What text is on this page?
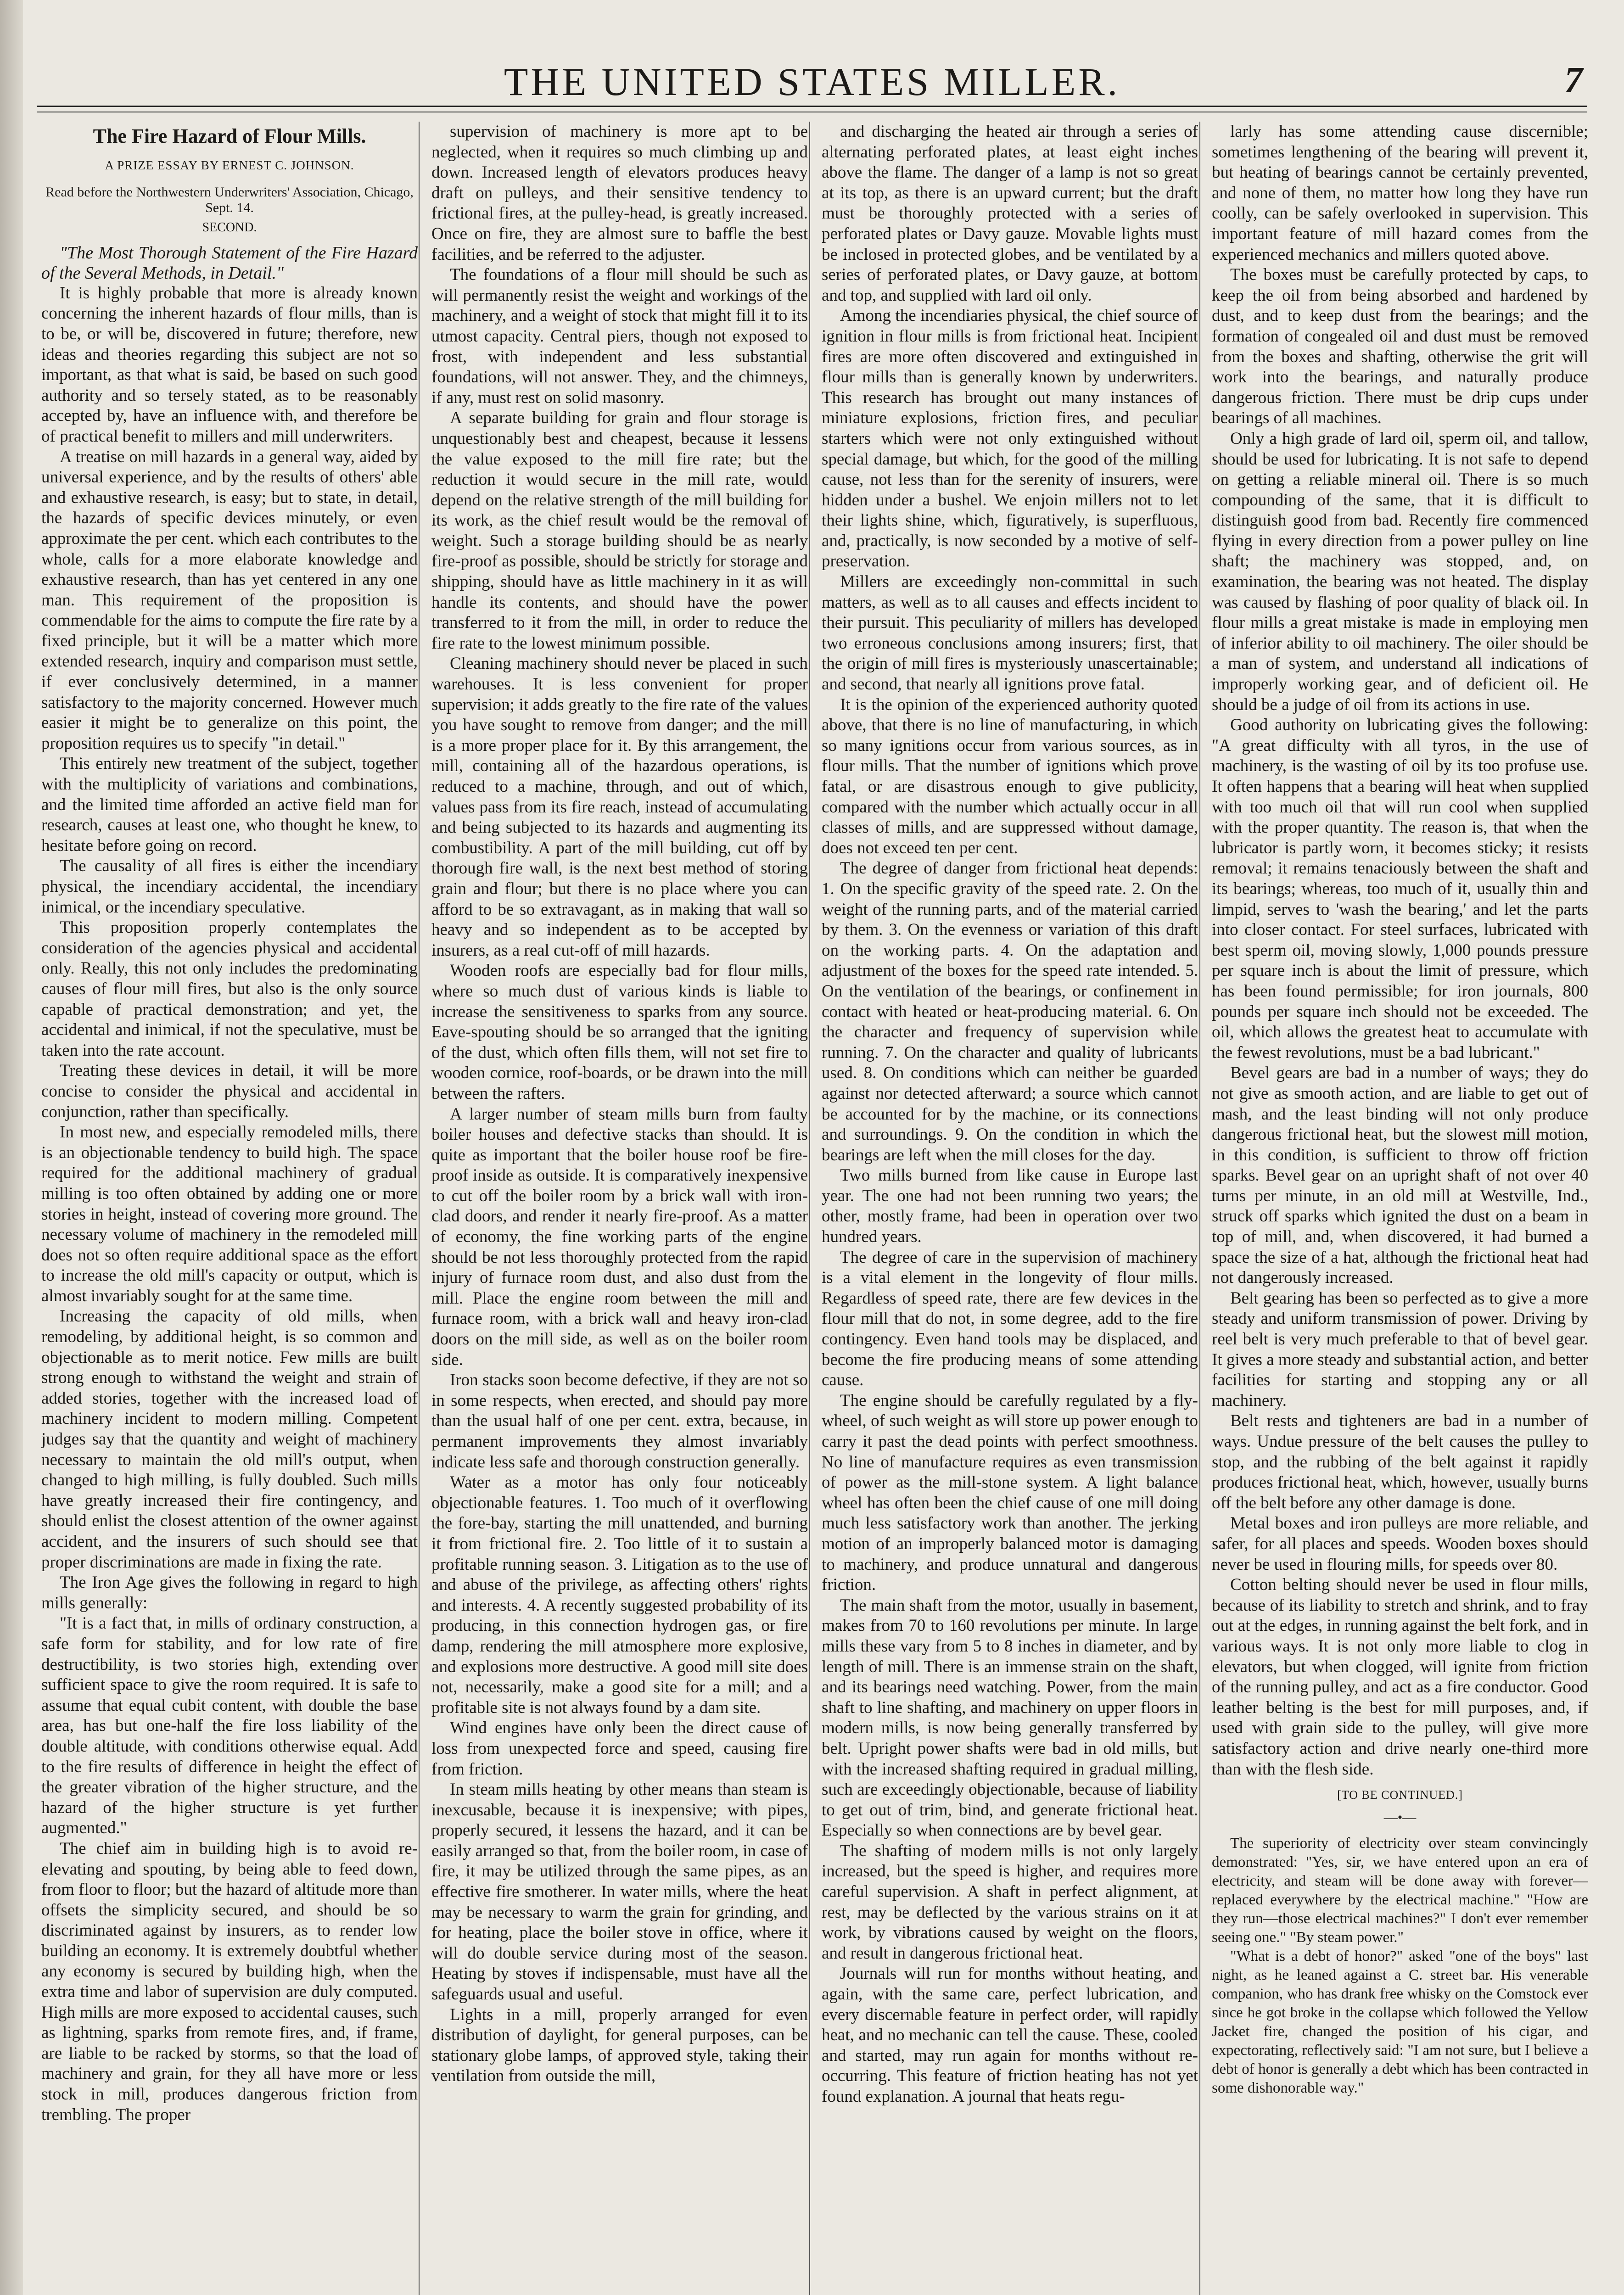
THE UNITED STATES MILLER.	7
The Fire Hazard of Flour Mills.
A PRIZE ESSAY BY ERNEST C. JOHNSON.
Read before the Northwestern Underwriters' Association, Chicago, Sept. 14.
SECOND.

"The Most Thorough Statement of the Fire Hazard of the Several Methods, in Detail."

It is highly probable that more is already known concerning the inherent hazards of flour mills, than is to be, or will be, discovered in future; therefore, new ideas and theories regarding this subject are not so important, as that what is said, be based on such good authority and so tersely stated, as to be reasonably accepted by, have an influence with, and therefore be of practical benefit to millers and mill underwriters.

A treatise on mill hazards in a general way, aided by universal experience, and by the results of others' able and exhaustive research, is easy; but to state, in detail, the hazards of specific devices minutely, or even approximate the per cent. which each contributes to the whole, calls for a more elaborate knowledge and exhaustive research, than has yet centered in any one man. This requirement of the proposition is commendable for the aims to compute the fire rate by a fixed principle, but it will be a matter which more extended research, inquiry and comparison must settle, if ever conclusively determined, in a manner satisfactory to the majority concerned. However much easier it might be to generalize on this point, the proposition requires us to specify "in detail."

This entirely new treatment of the subject, together with the multiplicity of variations and combinations, and the limited time afforded an active field man for research, causes at least one, who thought he knew, to hesitate before going on record.

The causality of all fires is either the incendiary physical, the incendiary accidental, the incendiary inimical, or the incendiary speculative.

This proposition properly contemplates the consideration of the agencies physical and accidental only. Really, this not only includes the predominating causes of flour mill fires, but also is the only source capable of practical demonstration; and yet, the accidental and inimical, if not the speculative, must be taken into the rate account.

Treating these devices in detail, it will be more concise to consider the physical and accidental in conjunction, rather than specifically.

In most new, and especially remodeled mills, there is an objectionable tendency to build high. The space required for the additional machinery of gradual milling is too often obtained by adding one or more stories in height, instead of covering more ground. The necessary volume of machinery in the remodeled mill does not so often require additional space as the effort to increase the old mill's capacity or output, which is almost invariably sought for at the same time.

Increasing the capacity of old mills, when remodeling, by additional height, is so common and objectionable as to merit notice. Few mills are built strong enough to withstand the weight and strain of added stories, together with the increased load of machinery incident to modern milling. Competent judges say that the quantity and weight of machinery necessary to maintain the old mill's output, when changed to high milling, is fully doubled. Such mills have greatly increased their fire contingency, and should enlist the closest attention of the owner against accident, and the insurers of such should see that proper discriminations are made in fixing the rate.

The Iron Age gives the following in regard to high mills generally:

"It is a fact that, in mills of ordinary construction, a safe form for stability, and for low rate of fire destructibility, is two stories high, extending over sufficient space to give the room required. It is safe to assume that equal cubit content, with double the base area, has but one-half the fire loss liability of the double altitude, with conditions otherwise equal. Add to the fire results of difference in height the effect of the greater vibration of the higher structure, and the hazard of the higher structure is yet further augmented."

The chief aim in building high is to avoid re-elevating and spouting, by being able to feed down, from floor to floor; but the hazard of altitude more than offsets the simplicity secured, and should be so discriminated against by insurers, as to render low building an economy. It is extremely doubtful whether any economy is secured by building high, when the extra time and labor of supervision are duly computed. High mills are more exposed to accidental causes, such as lightning, sparks from remote fires, and, if frame, are liable to be racked by storms, so that the load of machinery and grain, for they all have more or less stock in mill, produces dangerous friction from trembling. The proper

supervision of machinery is more apt to be neglected, when it requires so much climbing up and down. Increased length of elevators produces heavy draft on pulleys, and their sensitive tendency to frictional fires, at the pulley-head, is greatly increased. Once on fire, they are almost sure to baffle the best facilities, and be referred to the adjuster.

The foundations of a flour mill should be such as will permanently resist the weight and workings of the machinery, and a weight of stock that might fill it to its utmost capacity. Central piers, though not exposed to frost, with independent and less substantial foundations, will not answer. They, and the chimneys, if any, must rest on solid masonry.

A separate building for grain and flour storage is unquestionably best and cheapest, because it lessens the value exposed to the mill fire rate; but the reduction it would secure in the mill rate, would depend on the relative strength of the mill building for its work, as the chief result would be the removal of weight. Such a storage building should be as nearly fire-proof as possible, should be strictly for storage and shipping, should have as little machinery in it as will handle its contents, and should have the power transferred to it from the mill, in order to reduce the fire rate to the lowest minimum possible.

Cleaning machinery should never be placed in such warehouses. It is less convenient for proper supervision; it adds greatly to the fire rate of the values you have sought to remove from danger; and the mill is a more proper place for it. By this arrangement, the mill, containing all of the hazardous operations, is reduced to a machine, through, and out of which, values pass from its fire reach, instead of accumulating and being subjected to its hazards and augmenting its combustibility. A part of the mill building, cut off by thorough fire wall, is the next best method of storing grain and flour; but there is no place where you can afford to be so extravagant, as in making that wall so heavy and so independent as to be accepted by insurers, as a real cut-off of mill hazards.

Wooden roofs are especially bad for flour mills, where so much dust of various kinds is liable to increase the sensitiveness to sparks from any source. Eave-spouting should be so arranged that the igniting of the dust, which often fills them, will not set fire to wooden cornice, roof-boards, or be drawn into the mill between the rafters.

A larger number of steam mills burn from faulty boiler houses and defective stacks than should. It is quite as important that the boiler house roof be fire-proof inside as outside. It is comparatively inexpensive to cut off the boiler room by a brick wall with iron-clad doors, and render it nearly fire-proof. As a matter of economy, the fine working parts of the engine should be not less thoroughly protected from the rapid injury of furnace room dust, and also dust from the mill. Place the engine room between the mill and furnace room, with a brick wall and heavy iron-clad doors on the mill side, as well as on the boiler room side.

Iron stacks soon become defective, if they are not so in some respects, when erected, and should pay more than the usual half of one per cent. extra, because, in permanent improvements they almost invariably indicate less safe and thorough construction generally.

Water as a motor has only four noticeably objectionable features. 1. Too much of it overflowing the fore-bay, starting the mill unattended, and burning it from frictional fire. 2. Too little of it to sustain a profitable running season. 3. Litigation as to the use of and abuse of the privilege, as affecting others' rights and interests. 4. A recently suggested probability of its producing, in this connection hydrogen gas, or fire damp, rendering the mill atmosphere more explosive, and explosions more destructive. A good mill site does not, necessarily, make a good site for a mill; and a profitable site is not always found by a dam site.

Wind engines have only been the direct cause of loss from unexpected force and speed, causing fire from friction.

In steam mills heating by other means than steam is inexcusable, because it is inexpensive; with pipes, properly secured, it lessens the hazard, and it can be easily arranged so that, from the boiler room, in case of fire, it may be utilized through the same pipes, as an effective fire smotherer. In water mills, where the heat may be necessary to warm the grain for grinding, and for heating, place the boiler stove in office, where it will do double service during most of the season. Heating by stoves if indispensable, must have all the safeguards usual and useful.

Lights in a mill, properly arranged for even distribution of daylight, for general purposes, can be stationary globe lamps, of approved style, taking their ventilation from outside the mill,

and discharging the heated air through a series of alternating perforated plates, at least eight inches above the flame. The danger of a lamp is not so great at its top, as there is an upward current; but the draft must be thoroughly protected with a series of perforated plates or Davy gauze. Movable lights must be inclosed in protected globes, and be ventilated by a series of perforated plates, or Davy gauze, at bottom and top, and supplied with lard oil only.

Among the incendiaries physical, the chief source of ignition in flour mills is from frictional heat. Incipient fires are more often discovered and extinguished in flour mills than is generally known by underwriters. This research has brought out many instances of miniature explosions, friction fires, and peculiar starters which were not only extinguished without special damage, but which, for the good of the milling cause, not less than for the serenity of insurers, were hidden under a bushel. We enjoin millers not to let their lights shine, which, figuratively, is superfluous, and, practically, is now seconded by a motive of self-preservation.

Millers are exceedingly non-committal in such matters, as well as to all causes and effects incident to their pursuit. This peculiarity of millers has developed two erroneous conclusions among insurers; first, that the origin of mill fires is mysteriously unascertainable; and second, that nearly all ignitions prove fatal.

It is the opinion of the experienced authority quoted above, that there is no line of manufacturing, in which so many ignitions occur from various sources, as in flour mills. That the number of ignitions which prove fatal, or are disastrous enough to give publicity, compared with the number which actually occur in all classes of mills, and are suppressed without damage, does not exceed ten per cent.

The degree of danger from frictional heat depends: 1. On the specific gravity of the speed rate. 2. On the weight of the running parts, and of the material carried by them. 3. On the evenness or variation of this draft on the working parts. 4. On the adaptation and adjustment of the boxes for the speed rate intended. 5. On the ventilation of the bearings, or confinement in contact with heated or heat-producing material. 6. On the character and frequency of supervision while running. 7. On the character and quality of lubricants used. 8. On conditions which can neither be guarded against nor detected afterward; a source which cannot be accounted for by the machine, or its connections and surroundings. 9. On the condition in which the bearings are left when the mill closes for the day.

Two mills burned from like cause in Europe last year. The one had not been running two years; the other, mostly frame, had been in operation over two hundred years.

The degree of care in the supervision of machinery is a vital element in the longevity of flour mills. Regardless of speed rate, there are few devices in the flour mill that do not, in some degree, add to the fire contingency. Even hand tools may be displaced, and become the fire producing means of some attending cause.

The engine should be carefully regulated by a fly-wheel, of such weight as will store up power enough to carry it past the dead points with perfect smoothness. No line of manufacture requires as even transmission of power as the mill-stone system. A light balance wheel has often been the chief cause of one mill doing much less satisfactory work than another. The jerking motion of an improperly balanced motor is damaging to machinery, and produce unnatural and dangerous friction.

The main shaft from the motor, usually in basement, makes from 70 to 160 revolutions per minute. In large mills these vary from 5 to 8 inches in diameter, and by length of mill. There is an immense strain on the shaft, and its bearings need watching. Power, from the main shaft to line shafting, and machinery on upper floors in modern mills, is now being generally transferred by belt. Upright power shafts were bad in old mills, but with the increased shafting required in gradual milling, such are exceedingly objectionable, because of liability to get out of trim, bind, and generate frictional heat. Especially so when connections are by bevel gear.

The shafting of modern mills is not only largely increased, but the speed is higher, and requires more careful supervision. A shaft in perfect alignment, at rest, may be deflected by the various strains on it at work, by vibrations caused by weight on the floors, and result in dangerous frictional heat.

Journals will run for months without heating, and again, with the same care, perfect lubrication, and every discernable feature in perfect order, will rapidly heat, and no mechanic can tell the cause. These, cooled and started, may run again for months without re-occurring. This feature of friction heating has not yet found explanation. A journal that heats regu-

larly has some attending cause discernible; sometimes lengthening of the bearing will prevent it, but heating of bearings cannot be certainly prevented, and none of them, no matter how long they have run coolly, can be safely overlooked in supervision. This important feature of mill hazard comes from the experienced mechanics and millers quoted above.

The boxes must be carefully protected by caps, to keep the oil from being absorbed and hardened by dust, and to keep dust from the bearings; and the formation of congealed oil and dust must be removed from the boxes and shafting, otherwise the grit will work into the bearings, and naturally produce dangerous friction. There must be drip cups under bearings of all machines.

Only a high grade of lard oil, sperm oil, and tallow, should be used for lubricating. It is not safe to depend on getting a reliable mineral oil. There is so much compounding of the same, that it is difficult to distinguish good from bad. Recently fire commenced flying in every direction from a power pulley on line shaft; the machinery was stopped, and, on examination, the bearing was not heated. The display was caused by flashing of poor quality of black oil. In flour mills a great mistake is made in employing men of inferior ability to oil machinery. The oiler should be a man of system, and understand all indications of improperly working gear, and of deficient oil. He should be a judge of oil from its actions in use.

Good authority on lubricating gives the following: "A great difficulty with all tyros, in the use of machinery, is the wasting of oil by its too profuse use. It often happens that a bearing will heat when supplied with too much oil that will run cool when supplied with the proper quantity. The reason is, that when the lubricator is partly worn, it becomes sticky; it resists removal; it remains tenaciously between the shaft and its bearings; whereas, too much of it, usually thin and limpid, serves to 'wash the bearing,' and let the parts into closer contact. For steel surfaces, lubricated with best sperm oil, moving slowly, 1,000 pounds pressure per square inch is about the limit of pressure, which has been found permissible; for iron journals, 800 pounds per square inch should not be exceeded. The oil, which allows the greatest heat to accumulate with the fewest revolutions, must be a bad lubricant."

Bevel gears are bad in a number of ways; they do not give as smooth action, and are liable to get out of mash, and the least binding will not only produce dangerous frictional heat, but the slowest mill motion, in this condition, is sufficient to throw off friction sparks. Bevel gear on an upright shaft of not over 40 turns per minute, in an old mill at Westville, Ind., struck off sparks which ignited the dust on a beam in top of mill, and, when discovered, it had burned a space the size of a hat, although the frictional heat had not dangerously increased.

Belt gearing has been so perfected as to give a more steady and uniform transmission of power. Driving by reel belt is very much preferable to that of bevel gear. It gives a more steady and substantial action, and better facilities for starting and stopping any or all machinery.

Belt rests and tighteners are bad in a number of ways. Undue pressure of the belt causes the pulley to stop, and the rubbing of the belt against it rapidly produces frictional heat, which, however, usually burns off the belt before any other damage is done.

Metal boxes and iron pulleys are more reliable, and safer, for all places and speeds. Wooden boxes should never be used in flouring mills, for speeds over 80.

Cotton belting should never be used in flour mills, because of its liability to stretch and shrink, and to fray out at the edges, in running against the belt fork, and in various ways. It is not only more liable to clog in elevators, but when clogged, will ignite from friction of the running pulley, and act as a fire conductor. Good leather belting is the best for mill purposes, and, if used with grain side to the pulley, will give more satisfactory action and drive nearly one-third more than with the flesh side.

[TO BE CONTINUED.]
—•—

The superiority of electricity over steam convincingly demonstrated: "Yes, sir, we have entered upon an era of electricity, and steam will be done away with forever—replaced everywhere by the electrical machine." "How are they run—those electrical machines?" I don't ever remember seeing one." "By steam power."

"What is a debt of honor?" asked "one of the boys" last night, as he leaned against a C. street bar. His venerable companion, who has drank free whisky on the Comstock ever since he got broke in the collapse which followed the Yellow Jacket fire, changed the position of his cigar, and expectorating, reflectively said: "I am not sure, but I believe a debt of honor is generally a debt which has been contracted in some dishonorable way."
